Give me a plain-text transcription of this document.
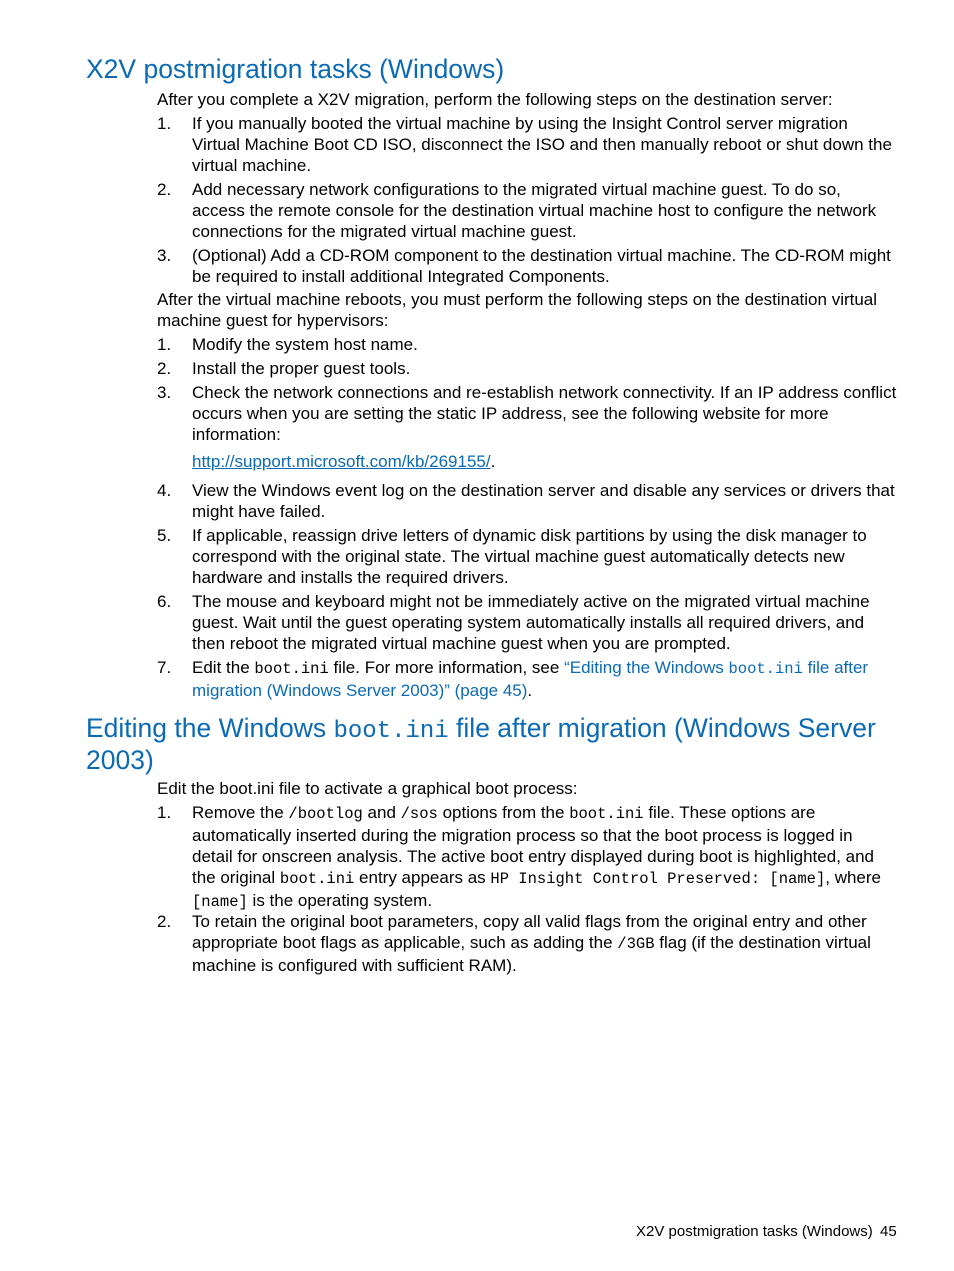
X2V postmigration tasks (Windows)

After you complete a X2V migration, perform the following steps on the destination server:

1.	If you manually booted the virtual machine by using the Insight Control server migration Virtual Machine Boot CD ISO, disconnect the ISO and then manually reboot or shut down the virtual machine.
2.	Add necessary network configurations to the migrated virtual machine guest. To do so, access the remote console for the destination virtual machine host to configure the network connections for the migrated virtual machine guest.
3.	(Optional) Add a CD-ROM component to the destination virtual machine. The CD-ROM might be required to install additional Integrated Components.

After the virtual machine reboots, you must perform the following steps on the destination virtual machine guest for hypervisors:

1.	Modify the system host name.
2.	Install the proper guest tools.
3.	Check the network connections and re-establish network connectivity. If an IP address conflict occurs when you are setting the static IP address, see the following website for more information:
http://support.microsoft.com/kb/269155/.
4.	View the Windows event log on the destination server and disable any services or drivers that might have failed.
5.	If applicable, reassign drive letters of dynamic disk partitions by using the disk manager to correspond with the original state. The virtual machine guest automatically detects new hardware and installs the required drivers.
6.	The mouse and keyboard might not be immediately active on the migrated virtual machine guest. Wait until the guest operating system automatically installs all required drivers, and then reboot the migrated virtual machine guest when you are prompted.
7.	Edit the boot.ini file. For more information, see “Editing the Windows boot.ini file after migration (Windows Server 2003)” (page 45).
Editing the Windows boot.ini file after migration (Windows Server 2003)

Edit the boot.ini file to activate a graphical boot process:

1.	Remove the /bootlog and /sos options from the boot.ini file. These options are automatically inserted during the migration process so that the boot process is logged in detail for onscreen analysis. The active boot entry displayed during boot is highlighted, and the original boot.ini entry appears as HP Insight Control Preserved: [name], where [name] is the operating system.
2.	To retain the original boot parameters, copy all valid flags from the original entry and other appropriate boot flags as applicable, such as adding the /3GB flag (if the destination virtual machine is configured with sufficient RAM).
X2V postmigration tasks (Windows) 45
